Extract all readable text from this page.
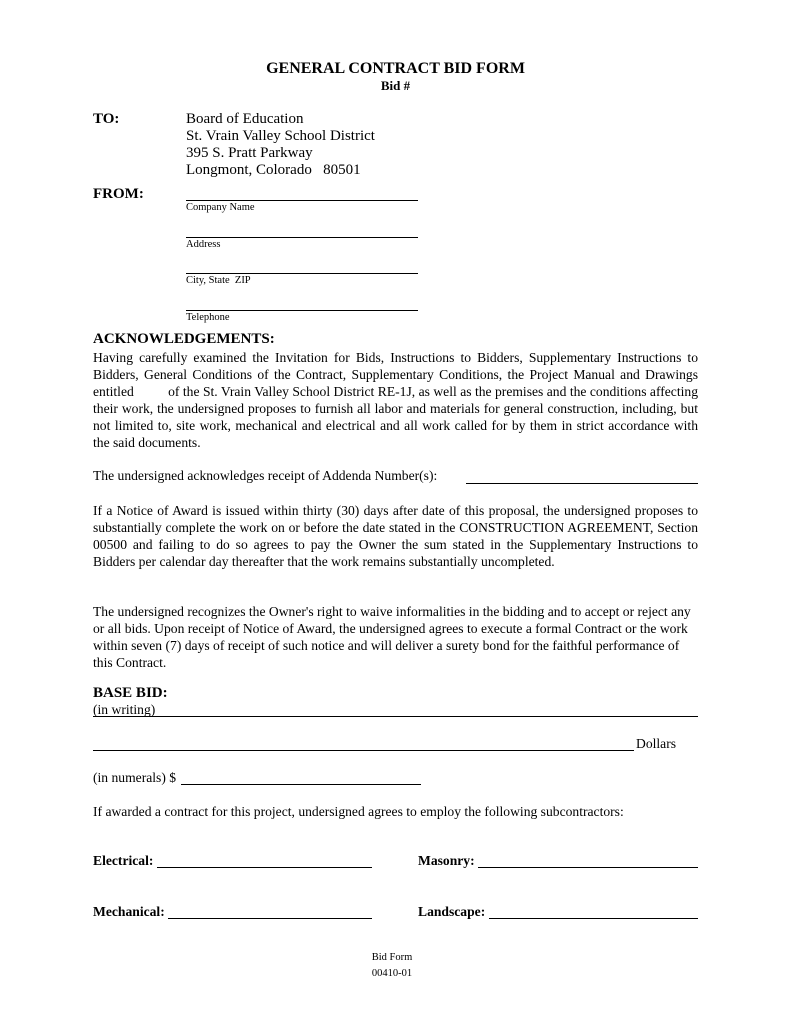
GENERAL CONTRACT BID FORM
Bid #
TO:	Board of Education
St. Vrain Valley School District
395 S. Pratt Parkway
Longmont, Colorado   80501
FROM:
Company Name
Address
City, State  ZIP
Telephone
ACKNOWLEDGEMENTS:
Having carefully examined the Invitation for Bids, Instructions to Bidders, Supplementary Instructions to Bidders, General Conditions of the Contract, Supplementary Conditions, the Project Manual and Drawings entitled          of the St. Vrain Valley School District RE-1J, as well as the premises and the conditions affecting their work, the undersigned proposes to furnish all labor and materials for general construction, including, but not limited to, site work, mechanical and electrical and all work called for by them in strict accordance with the said documents.
The undersigned acknowledges receipt of Addenda Number(s):
If a Notice of Award is issued within thirty (30) days after date of this proposal, the undersigned proposes to substantially complete the work on or before the date stated in the CONSTRUCTION AGREEMENT, Section 00500 and failing to do so agrees to pay the Owner the sum stated in the Supplementary Instructions to Bidders per calendar day thereafter that the work remains substantially uncompleted.
The undersigned recognizes the Owner's right to waive informalities in the bidding and to accept or reject any or all bids. Upon receipt of Notice of Award, the undersigned agrees to execute a formal Contract or the work within seven (7) days of receipt of such notice and will deliver a surety bond for the faithful performance of this Contract.
BASE BID:
(in writing)
Dollars
(in numerals) $
If awarded a contract for this project, undersigned agrees to employ the following subcontractors:
Electrical:	Masonry:
Mechanical:	Landscape:
Bid Form
00410-01
